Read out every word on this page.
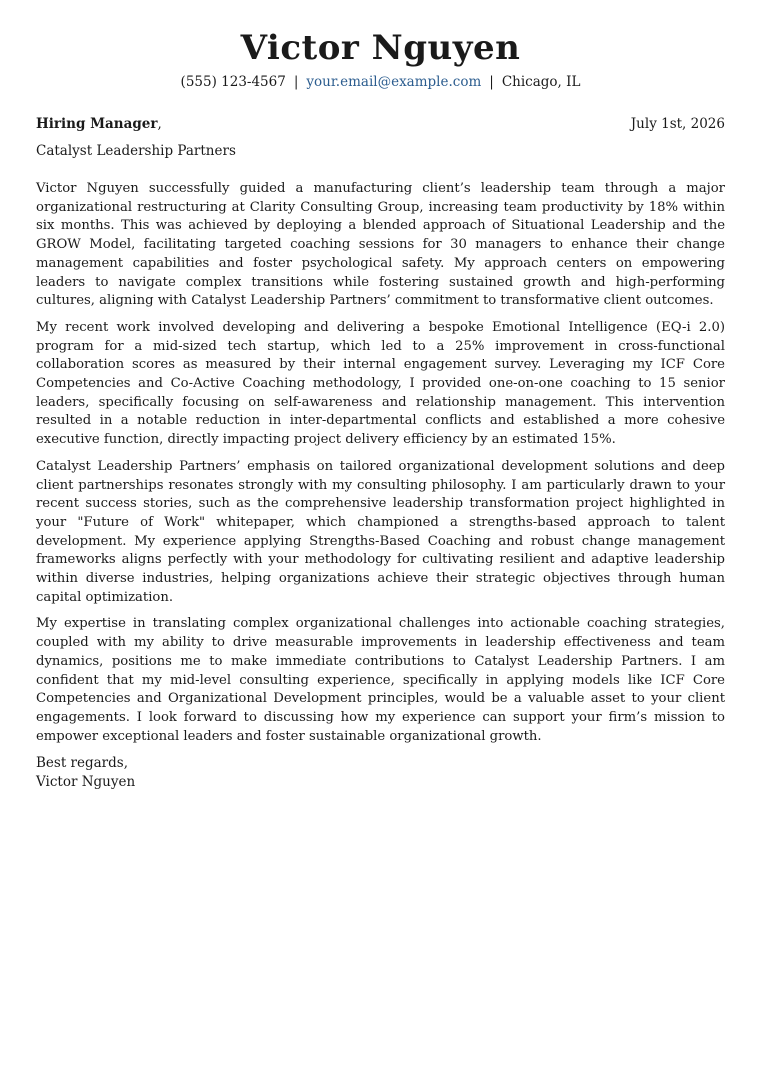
Victor Nguyen
(555) 123-4567 | your.email@example.com | Chicago, IL
Hiring Manager,	July 1st, 2026
Catalyst Leadership Partners

Victor Nguyen successfully guided a manufacturing client’s leadership team through a major organizational restructuring at Clarity Consulting Group, increasing team productivity by 18% within six months. This was achieved by deploying a blended approach of Situational Leadership and the GROW Model, facilitating targeted coaching sessions for 30 managers to enhance their change management capabilities and foster psychological safety. My approach centers on empowering leaders to navigate complex transitions while fostering sustained growth and high-performing cultures, aligning with Catalyst Leadership Partners’ commitment to transformative client outcomes.

My recent work involved developing and delivering a bespoke Emotional Intelligence (EQ-i 2.0) program for a mid-sized tech startup, which led to a 25% improvement in cross-functional collaboration scores as measured by their internal engagement survey. Leveraging my ICF Core Competencies and Co-Active Coaching methodology, I provided one-on-one coaching to 15 senior leaders, specifically focusing on self-awareness and relationship management. This intervention resulted in a notable reduction in inter-departmental conflicts and established a more cohesive executive function, directly impacting project delivery efficiency by an estimated 15%.

Catalyst Leadership Partners’ emphasis on tailored organizational development solutions and deep client partnerships resonates strongly with my consulting philosophy. I am particularly drawn to your recent success stories, such as the comprehensive leadership transformation project highlighted in your "Future of Work" whitepaper, which championed a strengths-based approach to talent development. My experience applying Strengths-Based Coaching and robust change management frameworks aligns perfectly with your methodology for cultivating resilient and adaptive leadership within diverse industries, helping organizations achieve their strategic objectives through human capital optimization.

My expertise in translating complex organizational challenges into actionable coaching strategies, coupled with my ability to drive measurable improvements in leadership effectiveness and team dynamics, positions me to make immediate contributions to Catalyst Leadership Partners. I am confident that my mid-level consulting experience, specifically in applying models like ICF Core Competencies and Organizational Development principles, would be a valuable asset to your client engagements. I look forward to discussing how my experience can support your firm’s mission to empower exceptional leaders and foster sustainable organizational growth.

Best regards,
Victor Nguyen
